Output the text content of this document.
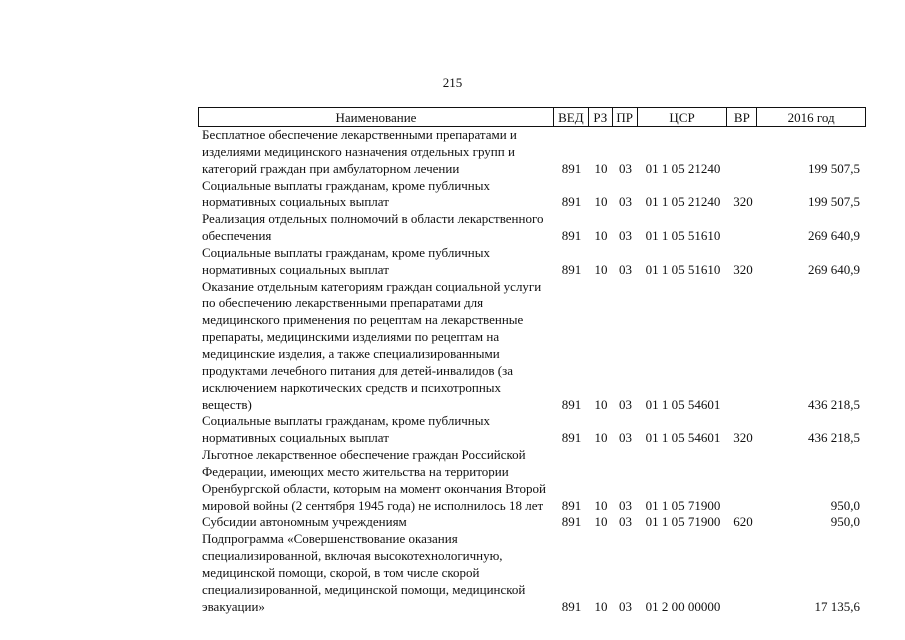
215
Наименование	ВЕД РЗ ПР	ЦСР	ВР	2016 год
Бесплатное обеспечение лекарственными препаратами и
изделиями медицинского назначения отдельных групп и
категорий граждан при амбулаторном лечении	891	10 03	01 1 05 21240	199 507,5
Социальные выплаты гражданам, кроме публичных
нормативных социальных выплат	891	10 03	01 1 05 21240 320	199 507,5
Реализация отдельных полномочий в области лекарственного
обеспечения	891	10 03	01 1 05 51610	269 640,9
Социальные выплаты гражданам, кроме публичных
нормативных социальных выплат	891	10 03	01 1 05 51610 320	269 640,9
Оказание отдельным категориям граждан социальной услуги
по обеспечению лекарственными препаратами для
медицинского применения по рецептам на лекарственные
препараты, медицинскими изделиями по рецептам на
медицинские изделия, а также специализированными
продуктами лечебного питания для детей-инвалидов (за
исключением наркотических средств и психотропных
веществ)	891	10 03	01 1 05 54601	436 218,5
Социальные выплаты гражданам, кроме публичных
нормативных социальных выплат	891	10 03	01 1 05 54601 320	436 218,5
Льготное лекарственное обеспечение граждан Российской
Федерации, имеющих место жительства на территории
Оренбургской области, которым на момент окончания Второй
мировой войны (2 сентября 1945 года) не исполнилось 18 лет	891	10 03	01 1 05 71900	950,0
Субсидии автономным учреждениям	891	10 03	01 1 05 71900 620	950,0
Подпрограмма «Совершенствование оказания
специализированной, включая высокотехнологичную,
медицинской помощи, скорой, в том числе скорой
специализированной, медицинской помощи, медицинской
эвакуации»	891	10 03	01 2 00 00000	17 135,6
